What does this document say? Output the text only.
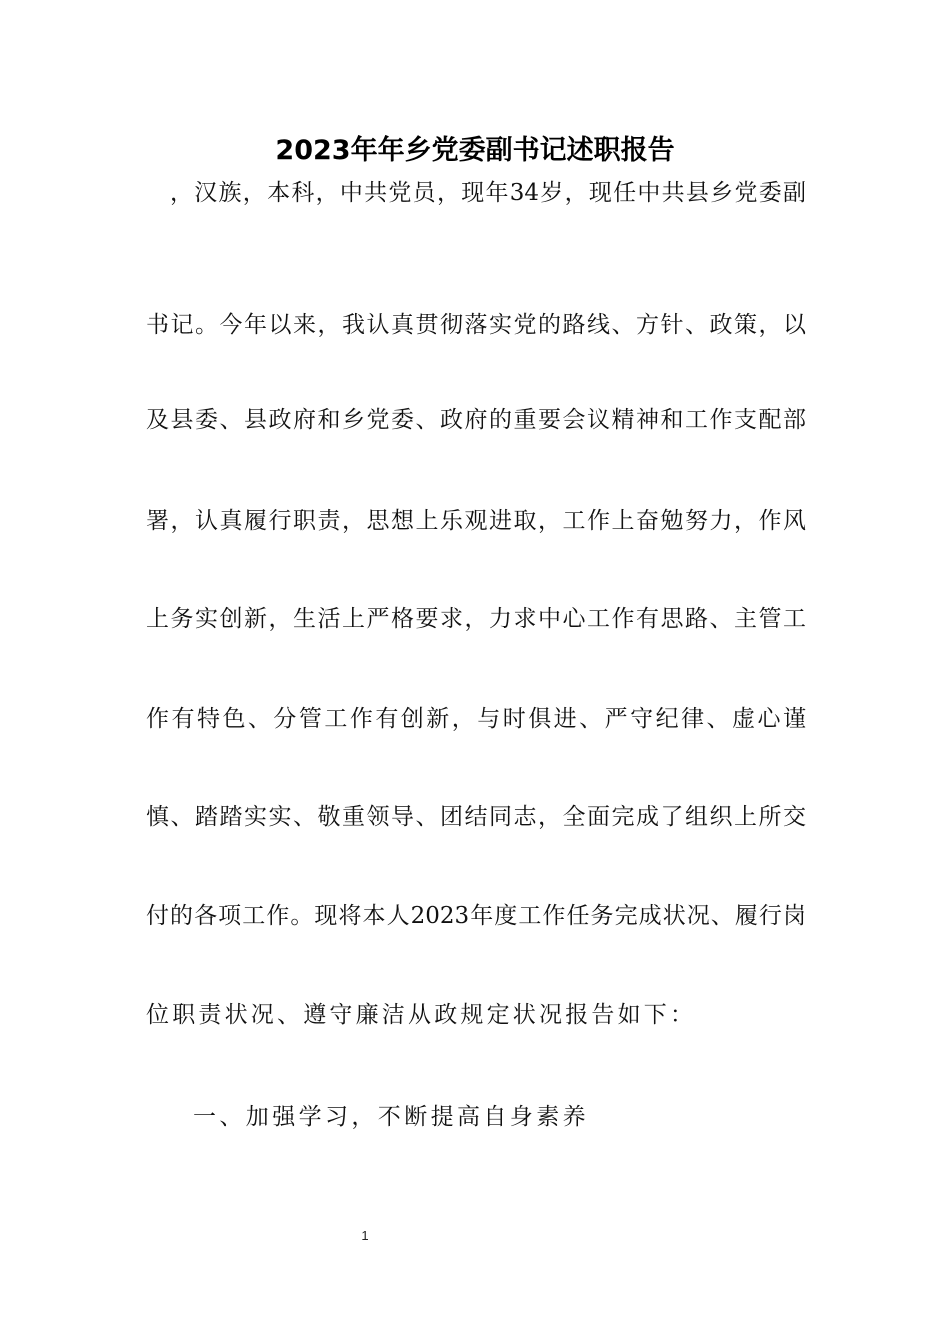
2023年年乡党委副书记述职报告
，汉族，本科，中共党员，现年34岁，现任中共县乡党委副
书记。今年以来，我认真贯彻落实党的路线、方针、政策，以
及县委、县政府和乡党委、政府的重要会议精神和工作支配部
署，认真履行职责，思想上乐观进取，工作上奋勉努力，作风
上务实创新，生活上严格要求，力求中心工作有思路、主管工
作有特色、分管工作有创新，与时俱进、严守纪律、虚心谨
慎、踏踏实实、敬重领导、团结同志，全面完成了组织上所交
付的各项工作。现将本人2023年度工作任务完成状况、履行岗
位职责状况、遵守廉洁从政规定状况报告如下：
一、加强学习，不断提高自身素养
1
